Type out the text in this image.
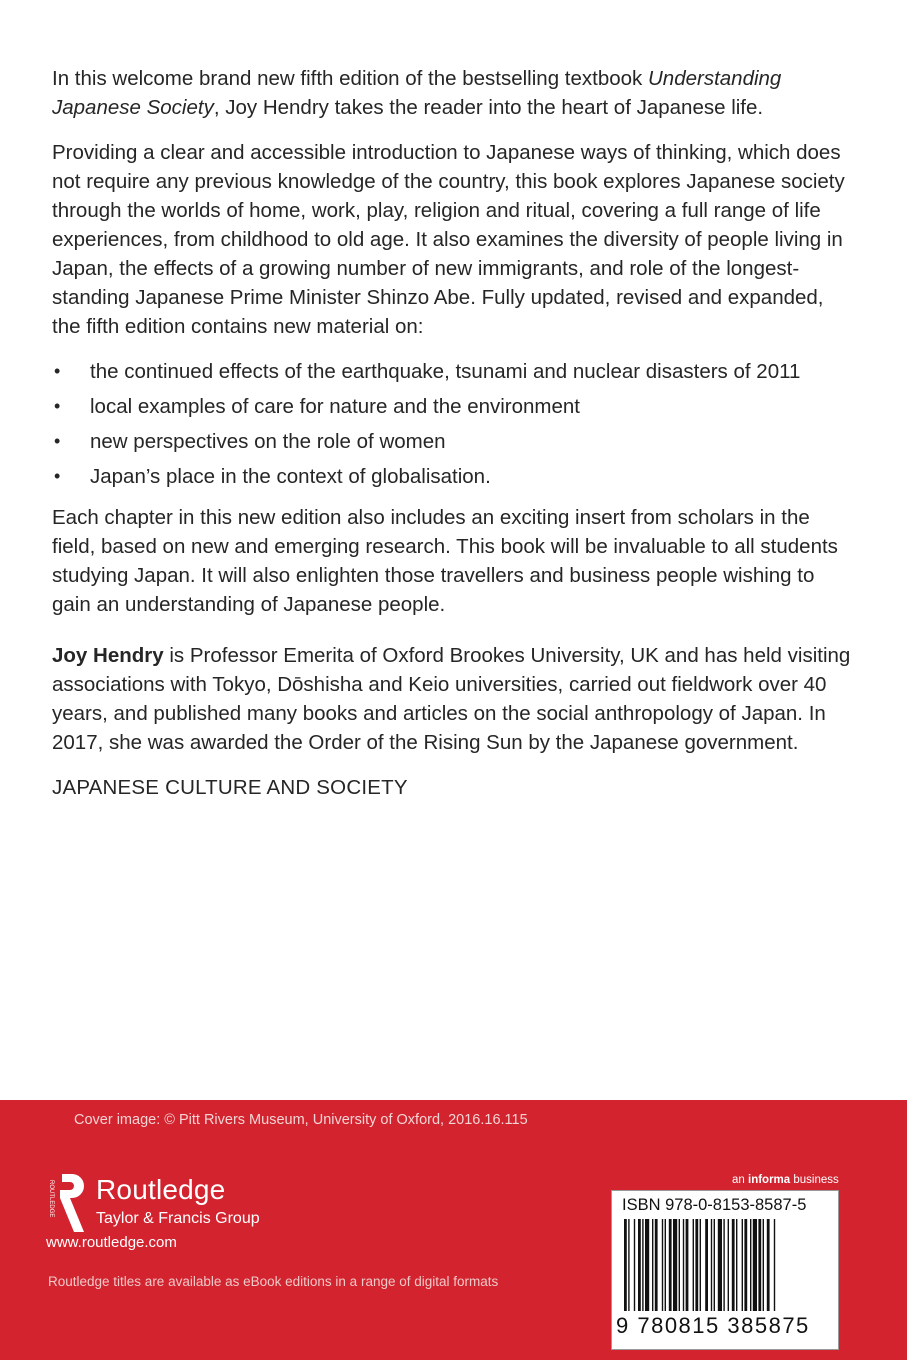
In this welcome brand new fifth edition of the bestselling textbook Understanding Japanese Society, Joy Hendry takes the reader into the heart of Japanese life.

Providing a clear and accessible introduction to Japanese ways of thinking, which does not require any previous knowledge of the country, this book explores Japanese society through the worlds of home, work, play, religion and ritual, covering a full range of life experiences, from childhood to old age. It also examines the diversity of people living in Japan, the effects of a growing number of new immigrants, and role of the longest-standing Japanese Prime Minister Shinzo Abe. Fully updated, revised and expanded, the fifth edition contains new material on:

• the continued effects of the earthquake, tsunami and nuclear disasters of 2011
• local examples of care for nature and the environment
• new perspectives on the role of women
• Japan’s place in the context of globalisation.

Each chapter in this new edition also includes an exciting insert from scholars in the field, based on new and emerging research. This book will be invaluable to all students studying Japan. It will also enlighten those travellers and business people wishing to gain an understanding of Japanese people.

Joy Hendry is Professor Emerita of Oxford Brookes University, UK and has held visiting associations with Tokyo, Dōshisha and Keio universities, carried out fieldwork over 40 years, and published many books and articles on the social anthropology of Japan. In 2017, she was awarded the Order of the Rising Sun by the Japanese government.

JAPANESE CULTURE AND SOCIETY

Cover image: © Pitt Rivers Museum, University of Oxford, 2016.16.115
ROUTLEDGE Routledge
Taylor & Francis Group
www.routledge.com
Routledge titles are available as eBook editions in a range of digital formats
an informa business
ISBN 978-0-8153-8587-5
9 780815 385875
